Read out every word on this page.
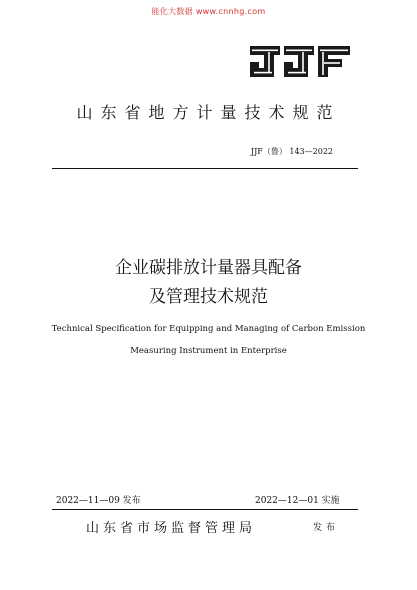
能化大数据 www.cnnhg.com
山东省地方计量技术规范
JJF（鲁） 143—2022
企业碳排放计量器具配备
及管理技术规范
Technical Specification for Equipping and Managing of Carbon Emission
Measuring Instrument in Enterprise
2022—11—09 发布	2022—12—01 实施
山东省市场监督管理局	发布
